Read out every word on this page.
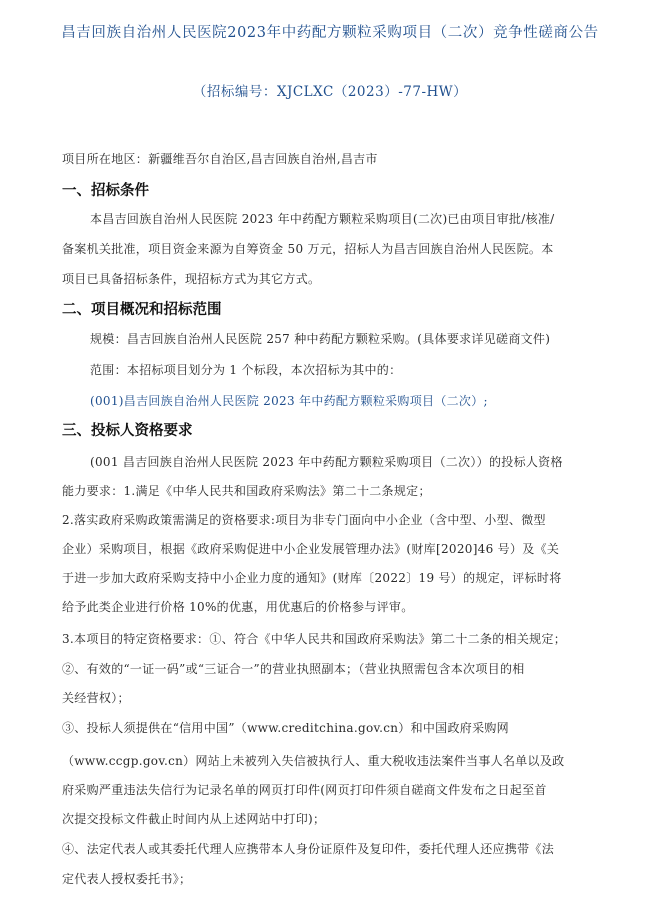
昌吉回族自治州人民医院2023年中药配方颗粒采购项目（二次）竞争性磋商公告
（招标编号：XJCLXC（2023）-77-HW）
项目所在地区：新疆维吾尔自治区,昌吉回族自治州,昌吉市
一、招标条件
本昌吉回族自治州人民医院 2023 年中药配方颗粒采购项目(二次)已由项目审批/核准/
备案机关批准，项目资金来源为自筹资金 50 万元，招标人为昌吉回族自治州人民医院。本
项目已具备招标条件，现招标方式为其它方式。
二、项目概况和招标范围
规模：昌吉回族自治州人民医院 257 种中药配方颗粒采购。(具体要求详见磋商文件)
范围：本招标项目划分为 1 个标段，本次招标为其中的：
(001)昌吉回族自治州人民医院 2023 年中药配方颗粒采购项目（二次）;
三、投标人资格要求
(001 昌吉回族自治州人民医院 2023 年中药配方颗粒采购项目（二次））的投标人资格
能力要求：1.满足《中华人民共和国政府采购法》第二十二条规定；
2.落实政府采购政策需满足的资格要求:项目为非专门面向中小企业（含中型、小型、微型
企业）采购项目，根据《政府采购促进中小企业发展管理办法》(财库[2020]46 号）及《关
于进一步加大政府采购支持中小企业力度的通知》(财库〔2022〕19 号）的规定，评标时将
给予此类企业进行价格 10%的优惠，用优惠后的价格参与评审。
3.本项目的特定资格要求：①、符合《中华人民共和国政府采购法》第二十二条的相关规定；
②、有效的“一证一码”或“三证合一”的营业执照副本；（营业执照需包含本次项目的相
关经营权）；
③、投标人须提供在“信用中国”（www.creditchina.gov.cn）和中国政府采购网
（www.ccgp.gov.cn）网站上未被列入失信被执行人、重大税收违法案件当事人名单以及政
府采购严重违法失信行为记录名单的网页打印件(网页打印件须自磋商文件发布之日起至首
次提交投标文件截止时间内从上述网站中打印)；
④、法定代表人或其委托代理人应携带本人身份证原件及复印件，委托代理人还应携带《法
定代表人授权委托书》；
